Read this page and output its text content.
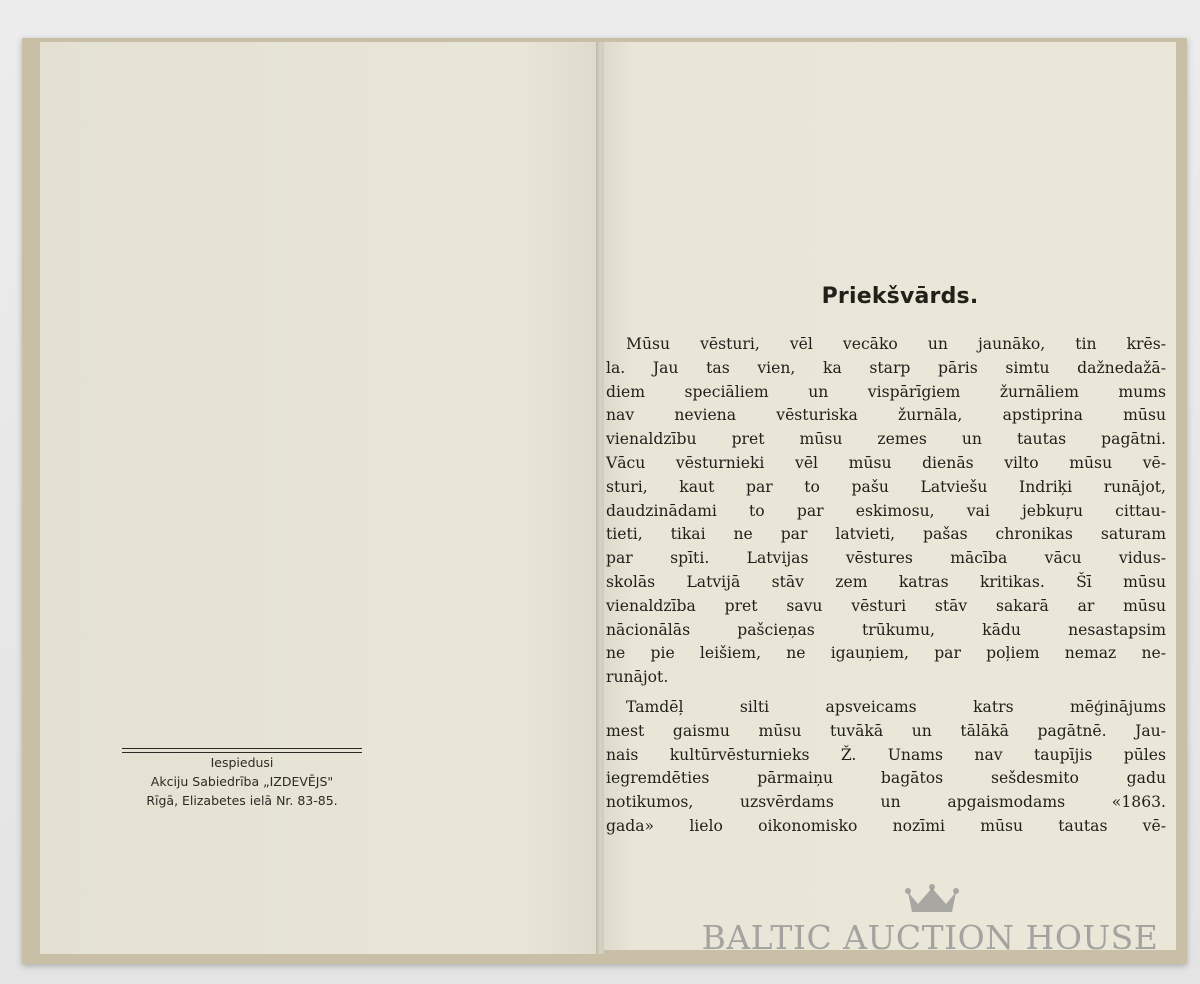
Iespiedusi
Akciju Sabiedrība „IZDEVĒJS"
Rīgā, Elizabetes ielā Nr. 83-85.
Priekšvārds.
Mūsu vēsturi, vēl vecāko un jaunāko, tin krēs-
la. Jau tas vien, ka starp pāris simtu dažnedažā-
diem speciāliem un vispārīgiem žurnāliem mums
nav neviena vēsturiska žurnāla, apstiprina mūsu
vienaldzību pret mūsu zemes un tautas pagātni.
Vācu vēsturnieki vēl mūsu dienās vilto mūsu vē-
sturi, kaut par to pašu Latviešu Indriķi runājot,
daudzinādami to par eskimosu, vai jebkuŗu cittau-
tieti, tikai ne par latvieti, pašas chronikas saturam
par spīti. Latvijas vēstures mācība vācu vidus-
skolās Latvijā stāv zem katras kritikas. Šī mūsu
vienaldzība pret savu vēsturi stāv sakarā ar mūsu
nācionālās pašcieņas trūkumu, kādu nesastapsim
ne pie leišiem, ne igauņiem, par poļiem nemaz ne-
runājot.
Tamdēļ silti apsveicams katrs mēģinājums
mest gaismu mūsu tuvākā un tālākā pagātnē. Jau-
nais kultūrvēsturnieks Ž. Unams nav taupījis pūles
iegremdēties pārmaiņu bagātos sešdesmito gadu
notikumos, uzsvērdams un apgaismodams «1863.
gada» lielo oikonomisko nozīmi mūsu tautas vē-
BALTIC AUCTION HOUSE
